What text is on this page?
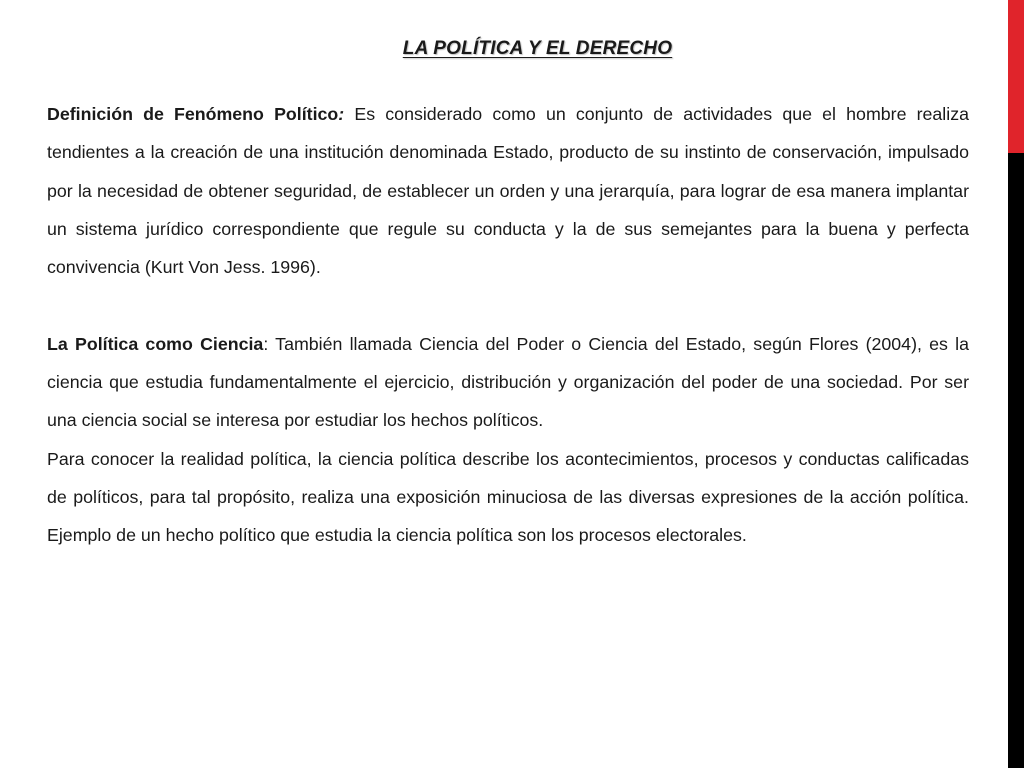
LA POLÍTICA Y EL DERECHO

Definición de Fenómeno Político: Es considerado como un conjunto de actividades que el hombre realiza tendientes a la creación de una institución denominada Estado, producto de su instinto de conservación, impulsado por la necesidad de obtener seguridad, de establecer un orden y una jerarquía, para lograr de esa manera implantar un sistema jurídico correspondiente que regule su conducta y la de sus semejantes para la buena y perfecta convivencia (Kurt Von Jess. 1996).

La Política como Ciencia: También llamada Ciencia del Poder o Ciencia del Estado, según Flores (2004), es la ciencia que estudia fundamentalmente el ejercicio, distribución y organización del poder de una sociedad. Por ser una ciencia social se interesa por estudiar los hechos políticos.

Para conocer la realidad política, la ciencia política describe los acontecimientos, procesos y conductas calificadas de políticos, para tal propósito, realiza una exposición minuciosa de las diversas expresiones de la acción política. Ejemplo de un hecho político que estudia la ciencia política son los procesos electorales.
